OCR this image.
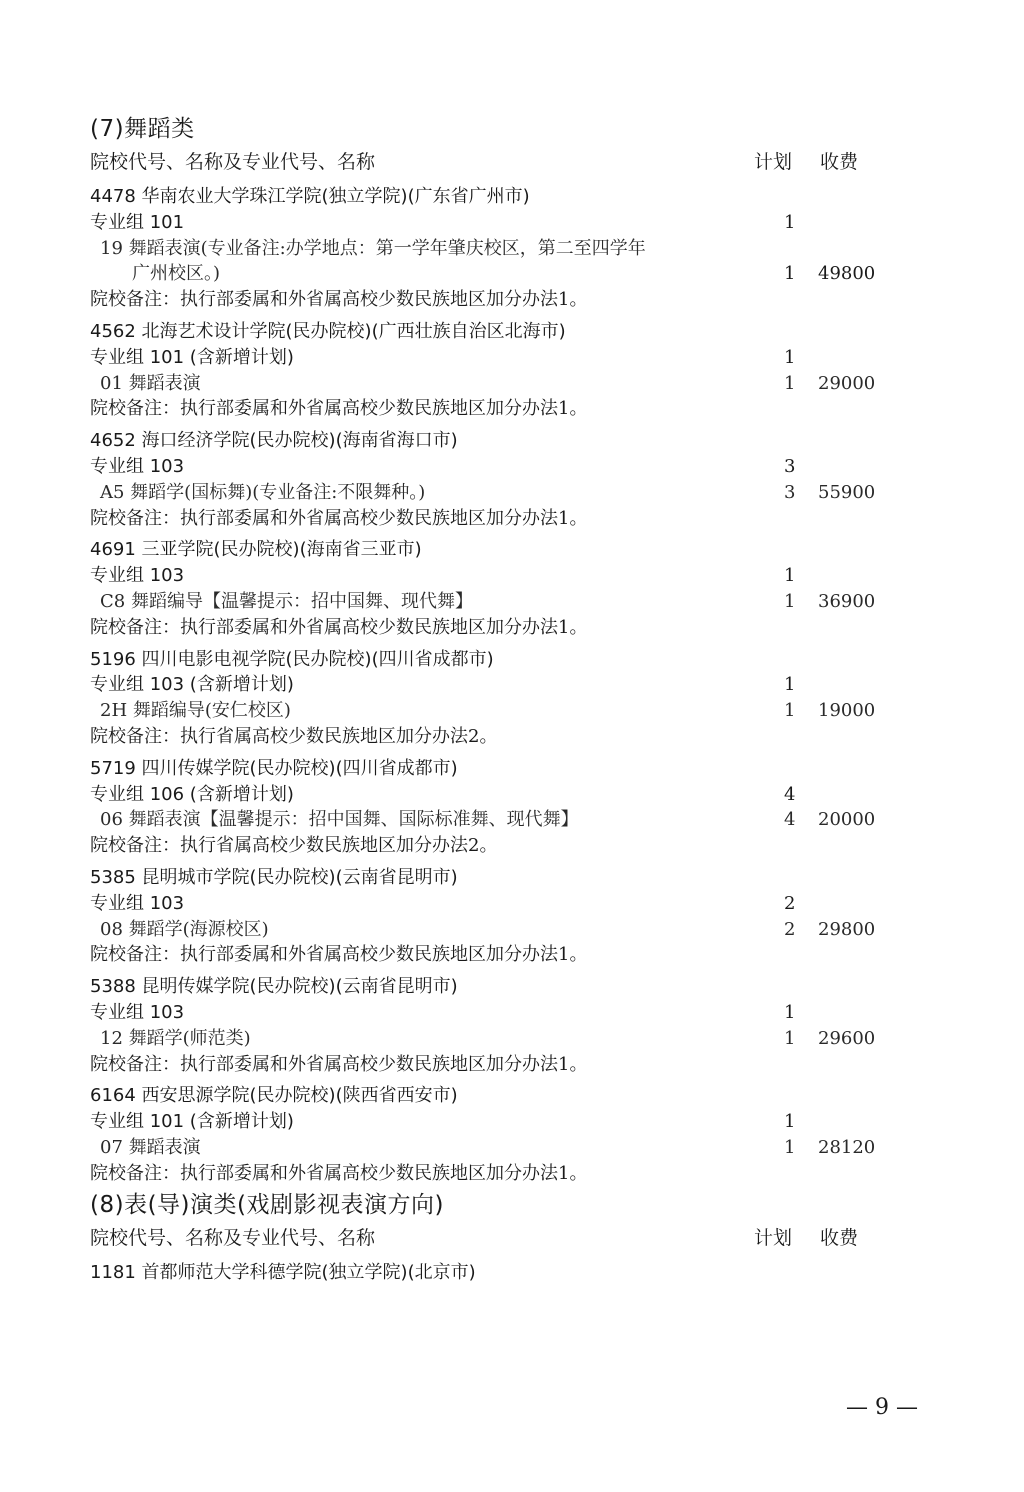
(7)舞蹈类
院校代号、名称及专业代号、名称	计划 收费
4478 华南农业大学珠江学院(独立学院)(广东省广州市)
专业组 101	1
19 舞蹈表演(专业备注:办学地点：第一学年肇庆校区，第二至四学年
广州校区。)	1 49800
院校备注：执行部委属和外省属高校少数民族地区加分办法1。
4562 北海艺术设计学院(民办院校)(广西壮族自治区北海市)
专业组 101 (含新增计划)	1
01 舞蹈表演	1 29000
院校备注：执行部委属和外省属高校少数民族地区加分办法1。
4652 海口经济学院(民办院校)(海南省海口市)
专业组 103	3
A5 舞蹈学(国标舞)(专业备注:不限舞种。)	3 55900
院校备注：执行部委属和外省属高校少数民族地区加分办法1。
4691 三亚学院(民办院校)(海南省三亚市)
专业组 103	1
C8 舞蹈编导【温馨提示：招中国舞、现代舞】	1 36900
院校备注：执行部委属和外省属高校少数民族地区加分办法1。
5196 四川电影电视学院(民办院校)(四川省成都市)
专业组 103 (含新增计划)	1
2H 舞蹈编导(安仁校区)	1 19000
院校备注：执行省属高校少数民族地区加分办法2。
5719 四川传媒学院(民办院校)(四川省成都市)
专业组 106 (含新增计划)	4
06 舞蹈表演【温馨提示：招中国舞、国际标准舞、现代舞】	4 20000
院校备注：执行省属高校少数民族地区加分办法2。
5385 昆明城市学院(民办院校)(云南省昆明市)
专业组 103	2
08 舞蹈学(海源校区)	2 29800
院校备注：执行部委属和外省属高校少数民族地区加分办法1。
5388 昆明传媒学院(民办院校)(云南省昆明市)
专业组 103	1
12 舞蹈学(师范类)	1 29600
院校备注：执行部委属和外省属高校少数民族地区加分办法1。
6164 西安思源学院(民办院校)(陕西省西安市)
专业组 101 (含新增计划)	1
07 舞蹈表演	1 28120
院校备注：执行部委属和外省属高校少数民族地区加分办法1。
(8)表(导)演类(戏剧影视表演方向)
院校代号、名称及专业代号、名称	计划 收费
1181 首都师范大学科德学院(独立学院)(北京市)
— 9 —
